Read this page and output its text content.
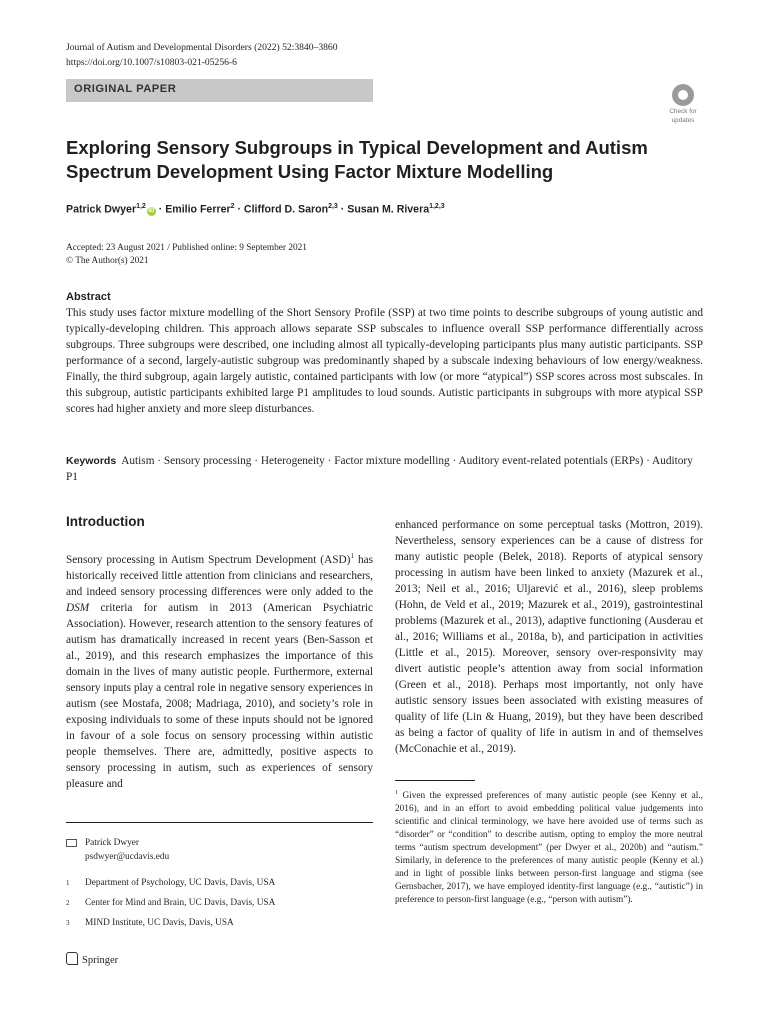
Journal of Autism and Developmental Disorders (2022) 52:3840–3860
https://doi.org/10.1007/s10803-021-05256-6
ORIGINAL PAPER
Check for
updates
Exploring Sensory Subgroups in Typical Development and Autism
Spectrum Development Using Factor Mixture Modelling
Patrick Dwyer$^{1,2}$iD · Emilio Ferrer$^2$ · Clifford D. Saron$^{2,3}$ · Susan M. Rivera$^{1,2,3}$
Accepted: 23 August 2021 / Published online: 9 September 2021
© The Author(s) 2021
Abstract
This study uses factor mixture modelling of the Short Sensory Profile (SSP) at two time points to describe subgroups of young autistic and typically-developing children. This approach allows separate SSP subscales to influence overall SSP performance differentially across subgroups. Three subgroups were described, one including almost all typically-developing participants plus many autistic participants. SSP performance of a second, largely-autistic subgroup was predominantly shaped by a subscale indexing behaviours of low energy/weakness. Finally, the third subgroup, again largely autistic, contained participants with low (or more “atypical”) SSP scores across most subscales. In this subgroup, autistic participants exhibited large P1 amplitudes to loud sounds. Autistic participants in subgroups with more atypical SSP scores had higher anxiety and more sleep disturbances.
Keywords Autism · Sensory processing · Heterogeneity · Factor mixture modelling · Auditory event-related potentials (ERPs) · Auditory P1
Introduction
Sensory processing in Autism Spectrum Development (ASD)$^1$ has historically received little attention from clinicians and researchers, and indeed sensory processing differences were only added to the DSM criteria for autism in 2013 (American Psychiatric Association). However, research attention to the sensory features of autism has dramatically increased in recent years (Ben-Sasson et al., 2019), and this research emphasizes the importance of this domain in the lives of many autistic people. Furthermore, external sensory inputs play a central role in negative sensory experiences in autism (see Mostafa, 2008; Madriaga, 2010), and society’s role in exposing individuals to some of these inputs should not be ignored in favour of a sole focus on sensory processing within autistic people themselves. There are, admittedly, positive aspects to sensory processing in autism, such as experiences of sensory pleasure and
enhanced performance on some perceptual tasks (Mottron, 2019). Nevertheless, sensory experiences can be a cause of distress for many autistic people (Belek, 2018). Reports of atypical sensory processing in autism have been linked to anxiety (Mazurek et al., 2013; Neil et al., 2016; Uljarević et al., 2016), sleep problems (Hohn, de Veld et al., 2019; Mazurek et al., 2019), gastrointestinal problems (Mazurek et al., 2013), adaptive functioning (Ausderau et al., 2016; Williams et al., 2018a, b), and participation in activities (Little et al., 2015). Moreover, sensory over-responsivity may divert autistic people’s attention away from social information (Green et al., 2018). Perhaps most importantly, not only have autistic sensory issues been associated with existing measures of quality of life (Lin & Huang, 2019), but they have been described as being a factor of quality of life in autism in and of themselves (McConachie et al., 2019).
$^1$ Given the expressed preferences of many autistic people (see Kenny et al., 2016), and in an effort to avoid embedding political value judgements into scientific and clinical terminology, we have here avoided use of terms such as “disorder” or “condition” to describe autism, opting to employ the more neutral terms “autism spectrum development” (per Dwyer et al., 2020b) and “autism.” Similarly, in deference to the preferences of many autistic people (Kenny et al.) and in light of possible links between person-first language and stigma (see Gernsbacher, 2017), we have employed identity-first language (e.g., “autistic”) in preference to person-first language (e.g., “person with autism”).
Patrick Dwyer
psdwyer@ucdavis.edu
1 Department of Psychology, UC Davis, Davis, USA
2 Center for Mind and Brain, UC Davis, Davis, USA
3 MIND Institute, UC Davis, Davis, USA
Springer
